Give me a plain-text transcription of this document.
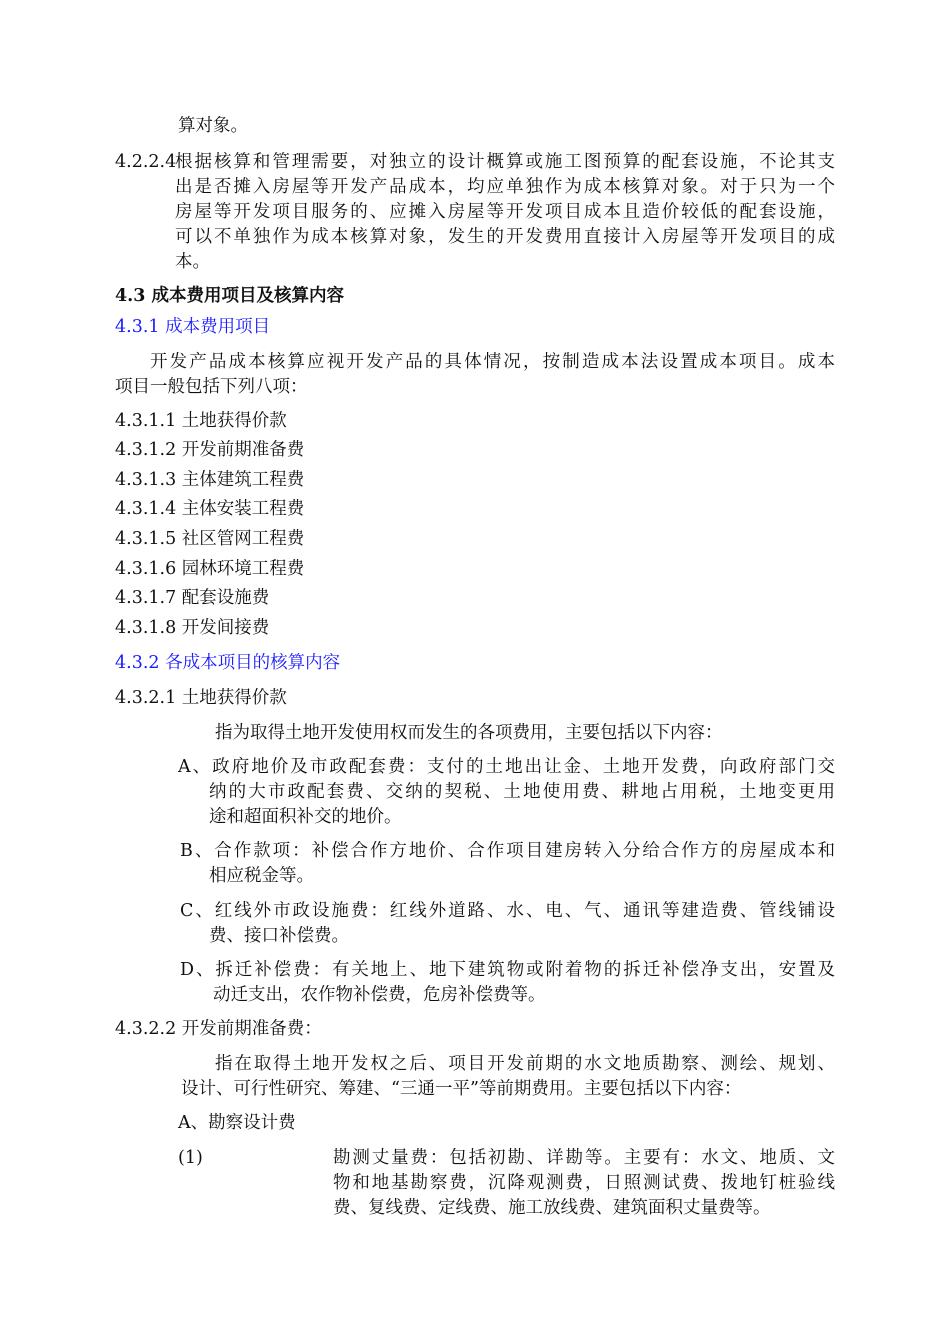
算对象。
4.2.2.4
根据核算和管理需要，对独立的设计概算或施工图预算的配套设施，不论其支
出是否摊入房屋等开发产品成本，均应单独作为成本核算对象。对于只为一个
房屋等开发项目服务的、应摊入房屋等开发项目成本且造价较低的配套设施，
可以不单独作为成本核算对象，发生的开发费用直接计入房屋等开发项目的成
本。
4.3 成本费用项目及核算内容
4.3.1 成本费用项目
开发产品成本核算应视开发产品的具体情况，按制造成本法设置成本项目。成本
项目一般包括下列八项：
4.3.1.1 土地获得价款
4.3.1.2 开发前期准备费
4.3.1.3 主体建筑工程费
4.3.1.4 主体安装工程费
4.3.1.5 社区管网工程费
4.3.1.6 园林环境工程费
4.3.1.7 配套设施费
4.3.1.8 开发间接费
4.3.2 各成本项目的核算内容
4.3.2.1 土地获得价款
指为取得土地开发使用权而发生的各项费用，主要包括以下内容：
A、政府地价及市政配套费：支付的土地出让金、土地开发费，向政府部门交
纳的大市政配套费、交纳的契税、土地使用费、耕地占用税，土地变更用
途和超面积补交的地价。
B、合作款项：补偿合作方地价、合作项目建房转入分给合作方的房屋成本和
相应税金等。
C、红线外市政设施费：红线外道路、水、电、气、通讯等建造费、管线铺设
费、接口补偿费。
D、拆迁补偿费：有关地上、地下建筑物或附着物的拆迁补偿净支出，安置及
动迁支出，农作物补偿费，危房补偿费等。
4.3.2.2 开发前期准备费：
指在取得土地开发权之后、项目开发前期的水文地质勘察、测绘、规划、
设计、可行性研究、筹建、“三通一平”等前期费用。主要包括以下内容：
A、勘察设计费
(1)	勘测丈量费：包括初勘、详勘等。主要有：水文、地质、文
物和地基勘察费，沉降观测费，日照测试费、拨地钉桩验线
费、复线费、定线费、施工放线费、建筑面积丈量费等。
